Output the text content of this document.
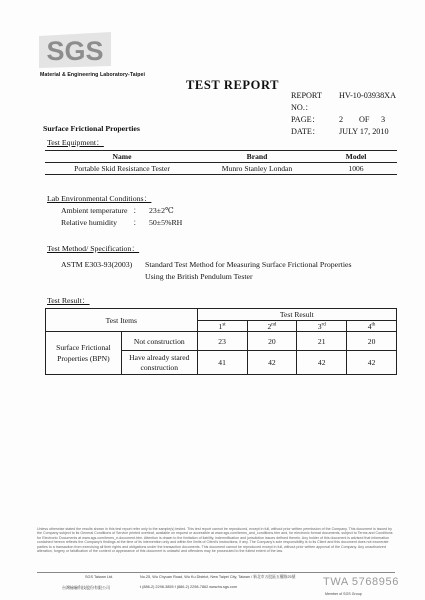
SGS
Material & Engineering Laboratory-Taipei
TEST REPORT
REPORT NO.：
HV-10-03938XA
PAGE：	2	OF	3
DATE：	JULY 17, 2010
Surface Frictional Properties
Test Equipment：
Name	Brand	Model
Portable Skid Resistance Tester	Munro Stanley Londan	1006
Lab Environmental Conditions：
Ambient temperature ：	23±2℃
Relative humidity	：	50±5%RH
Test Method/ Specification：
ASTM E303-93(2003)	Standard Test Method for Measuring Surface Frictional Properties
Using the British Pendulum Tester
Test Result：
Test Items		Test Result			
		1st	2nd	3rd	4th
Surface Frictional Properties (BPN)	Not construction	23	20	21	20
	Have already stared construction	41	42	42	42
Unless otherwise stated the results shown in this test report refer only to the sample(s) tested. This test report cannot be reproduced, except in full, without prior written permission of the Company. This document is issued by the Company subject to its General Conditions of Service printed overleaf, available on request or accessible at www.sgs.com/terms_and_conditions.htm and, for electronic format documents, subject to Terms and Conditions for Electronic Documents at www.sgs.com/terms_e-document.htm. Attention is drawn to the limitation of liability, indemnification and jurisdiction issues defined therein. Any holder of this document is advised that information contained hereon reflects the Company's findings at the time of its intervention only and within the limits of Client's instructions, if any. The Company's sole responsibility is to its Client and this document does not exonerate parties to a transaction from exercising all their rights and obligations under the transaction documents. This document cannot be reproduced except in full, without prior written approval of the Company. Any unauthorized alteration, forgery or falsification of the content or appearance of this document is unlawful and offenders may be prosecuted to the fullest extent of the law.
SGS Taiwan Ltd.	No.25, Wu Chyuan Road, Wu Ku District, New Taipei City, Taiwan / 新北市五股區五權路25號
台灣檢驗科技股份有限公司	t (886-2) 2298-3855 f (886-2) 2298-7862 www.tw.sgs.com	TWA 5768956
Member of SGS Group
